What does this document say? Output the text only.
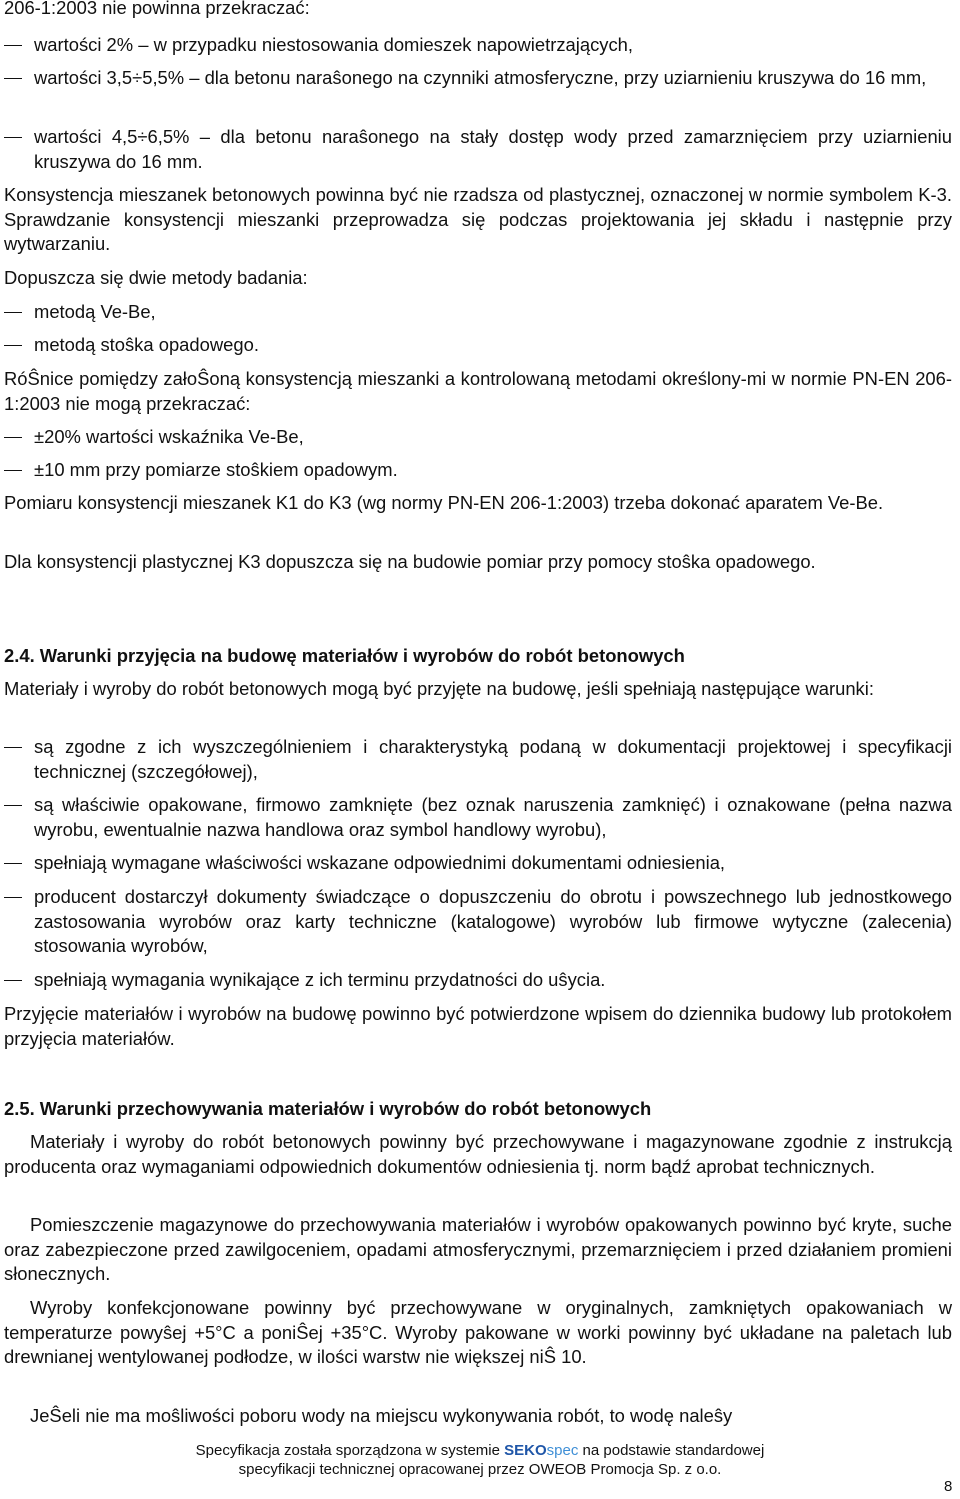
206-1:2003 nie powinna przekraczać:
wartości 2% – w przypadku niestosowania domieszek napowietrzających,
wartości 3,5÷5,5% – dla betonu naraŝonego na czynniki atmosferyczne, przy uziarnieniu kruszywa do 16 mm,
wartości 4,5÷6,5% – dla betonu naraŝonego na stały dostęp wody przed zamarznięciem przy uziarnieniu kruszywa do 16 mm.
Konsystencja mieszanek betonowych powinna być nie rzadsza od plastycznej, oznaczonej w normie symbolem K-3. Sprawdzanie konsystencji mieszanki przeprowadza się podczas projektowania jej składu i następnie przy wytwarzaniu.
Dopuszcza się dwie metody badania:
metodą Ve-Be,
metodą stoŝka opadowego.
RóŜnice pomiędzy załoŜoną konsystencją mieszanki a kontrolowaną metodami określony-mi w normie PN-EN 206-1:2003 nie mogą przekraczać:
±20% wartości wskaźnika Ve-Be,
±10 mm przy pomiarze stoŝkiem opadowym.
Pomiaru konsystencji mieszanek K1 do K3 (wg normy PN-EN 206-1:2003) trzeba dokonać aparatem Ve-Be.
Dla konsystencji plastycznej K3 dopuszcza się na budowie pomiar przy pomocy stoŝka opadowego.
2.4. Warunki przyjęcia na budowę materiałów i wyrobów do robót betonowych
Materiały i wyroby do robót betonowych mogą być przyjęte na budowę, jeśli spełniają następujące warunki:
są zgodne z ich wyszczególnieniem i charakterystyką podaną w dokumentacji projektowej i specyfikacji technicznej (szczegółowej),
są właściwie opakowane, firmowo zamknięte (bez oznak naruszenia zamknięć) i oznakowane (pełna nazwa wyrobu, ewentualnie nazwa handlowa oraz symbol handlowy wyrobu),
spełniają wymagane właściwości wskazane odpowiednimi dokumentami odniesienia,
producent dostarczył dokumenty świadczące o dopuszczeniu do obrotu i powszechnego lub jednostkowego zastosowania wyrobów oraz karty techniczne (katalogowe) wyrobów lub firmowe wytyczne (zalecenia) stosowania wyrobów,
spełniają wymagania wynikające z ich terminu przydatności do uŝycia.
Przyjęcie materiałów i wyrobów na budowę powinno być potwierdzone wpisem do dziennika budowy lub protokołem przyjęcia materiałów.
2.5. Warunki przechowywania materiałów i wyrobów do robót betonowych
Materiały i wyroby do robót betonowych powinny być przechowywane i magazynowane zgodnie z instrukcją producenta oraz wymaganiami odpowiednich dokumentów odniesienia tj. norm bądź aprobat technicznych.
Pomieszczenie magazynowe do przechowywania materiałów i wyrobów opakowanych powinno być kryte, suche oraz zabezpieczone przed zawilgoceniem, opadami atmosferycznymi, przemarznięciem i przed działaniem promieni słonecznych.
Wyroby konfekcjonowane powinny być przechowywane w oryginalnych, zamkniętych opakowaniach w temperaturze powyŝej +5°C a poniŜej +35°C. Wyroby pakowane w worki powinny być układane na paletach lub drewnianej wentylowanej podłodze, w ilości warstw nie większej niŜ 10.
JeŜeli nie ma moŝliwości poboru wody na miejscu wykonywania robót, to wodę naleŝy
Specyfikacja została sporządzona w systemie SEKOspec na podstawie standardowej
specyfikacji technicznej opracowanej przez OWEOB Promocja Sp. z o.o.
8
